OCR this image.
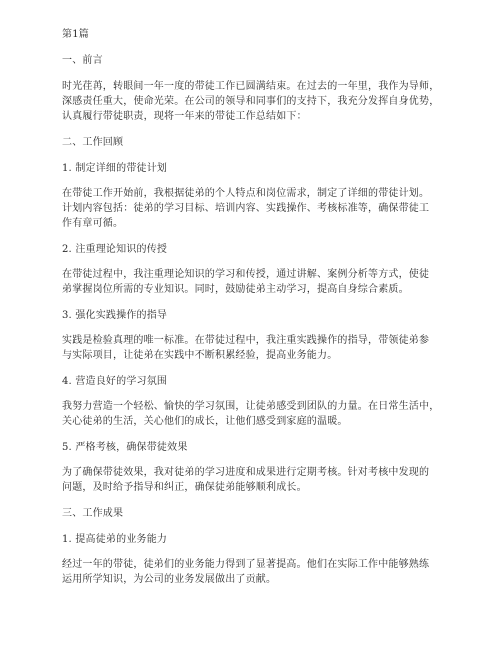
第1篇
一、前言
时光荏苒，转眼间一年一度的带徒工作已圆满结束。在过去的一年里，我作为导师，
深感责任重大，使命光荣。在公司的领导和同事们的支持下，我充分发挥自身优势，
认真履行带徒职责，现将一年来的带徒工作总结如下：
二、工作回顾
1. 制定详细的带徒计划
在带徒工作开始前，我根据徒弟的个人特点和岗位需求，制定了详细的带徒计划。
计划内容包括：徒弟的学习目标、培训内容、实践操作、考核标准等，确保带徒工
作有章可循。
2. 注重理论知识的传授
在带徒过程中，我注重理论知识的学习和传授，通过讲解、案例分析等方式，使徒
弟掌握岗位所需的专业知识。同时，鼓励徒弟主动学习，提高自身综合素质。
3. 强化实践操作的指导
实践是检验真理的唯一标准。在带徒过程中，我注重实践操作的指导，带领徒弟参
与实际项目，让徒弟在实践中不断积累经验，提高业务能力。
4. 营造良好的学习氛围
我努力营造一个轻松、愉快的学习氛围，让徒弟感受到团队的力量。在日常生活中，
关心徒弟的生活，关心他们的成长，让他们感受到家庭的温暖。
5. 严格考核，确保带徒效果
为了确保带徒效果，我对徒弟的学习进度和成果进行定期考核。针对考核中发现的
问题，及时给予指导和纠正，确保徒弟能够顺利成长。
三、工作成果
1. 提高徒弟的业务能力
经过一年的带徒，徒弟们的业务能力得到了显著提高。他们在实际工作中能够熟练
运用所学知识，为公司的业务发展做出了贡献。
